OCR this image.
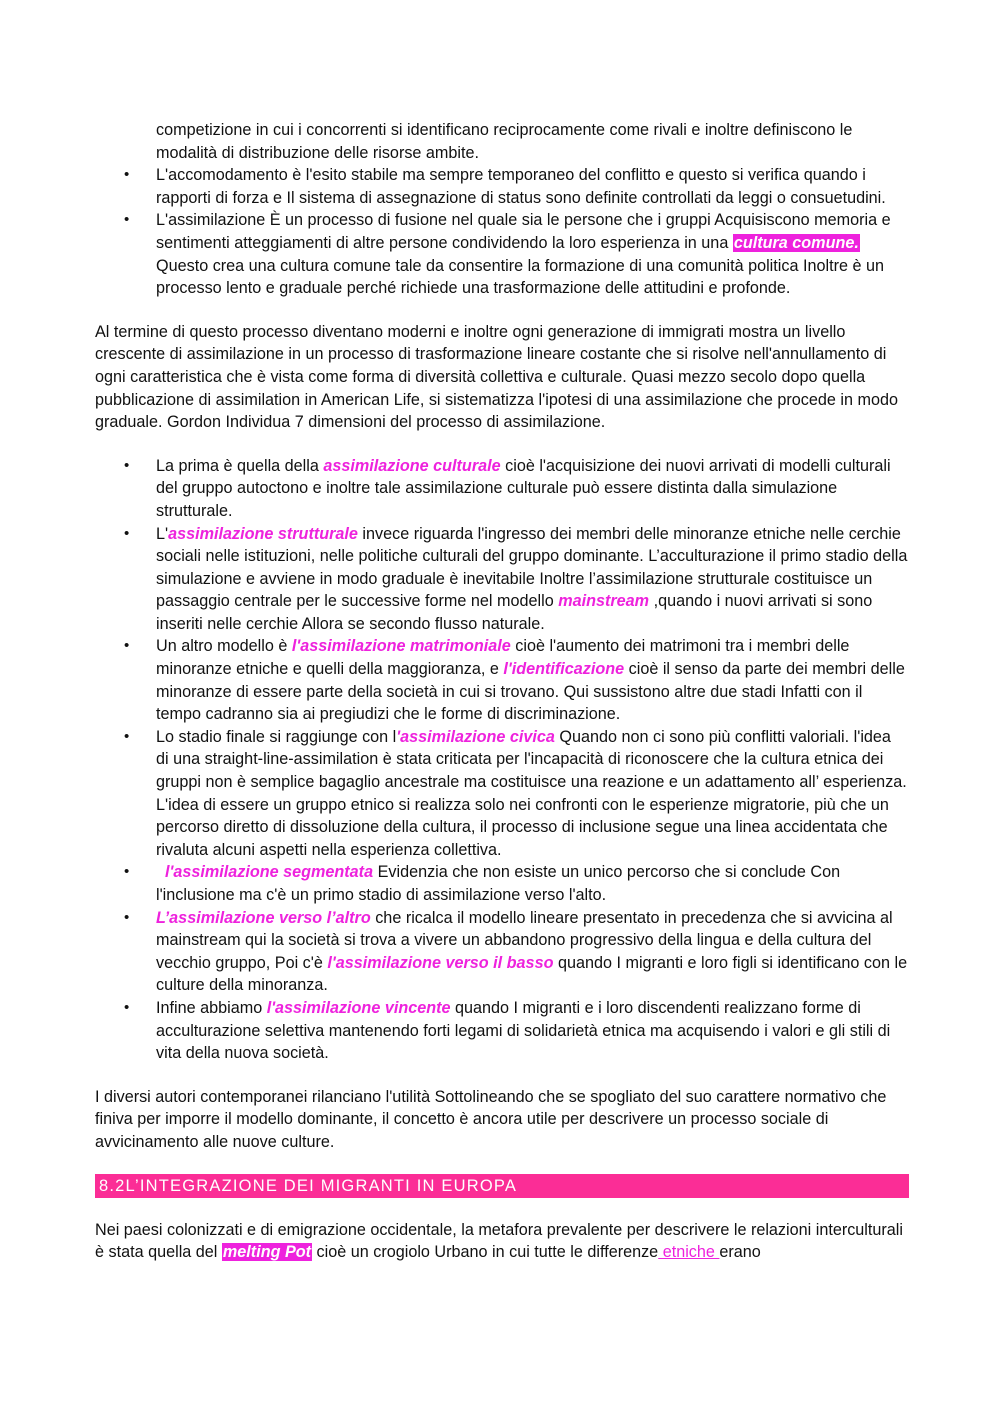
competizione in cui i concorrenti si identificano reciprocamente come rivali e inoltre definiscono le modalità di distribuzione delle risorse ambite.

• L'accomodamento è l'esito stabile ma sempre temporaneo del conflitto e questo si verifica quando i rapporti di forza e Il sistema di assegnazione di status sono definite controllati da leggi o consuetudini.
• L'assimilazione È un processo di fusione nel quale sia le persone che i gruppi Acquisiscono memoria e sentimenti atteggiamenti di altre persone condividendo la loro esperienza in una cultura comune. Questo crea una cultura comune tale da consentire la formazione di una comunità politica Inoltre è un processo lento e graduale perché richiede una trasformazione delle attitudini e profonde.

Al termine di questo processo diventano moderni e inoltre ogni generazione di immigrati mostra un livello crescente di assimilazione in un processo di trasformazione lineare costante che si risolve nell'annullamento di ogni caratteristica che è vista come forma di diversità collettiva e culturale. Quasi mezzo secolo dopo quella pubblicazione di assimilation in American Life, si sistematizza l'ipotesi di una assimilazione che procede in modo graduale. Gordon Individua 7 dimensioni del processo di assimilazione.

• La prima è quella della assimilazione culturale cioè l'acquisizione dei nuovi arrivati di modelli culturali del gruppo autoctono e inoltre tale assimilazione culturale può essere distinta dalla simulazione strutturale.
• L'assimilazione strutturale invece riguarda l'ingresso dei membri delle minoranze etniche nelle cerchie sociali nelle istituzioni, nelle politiche culturali del gruppo dominante. L’acculturazione il primo stadio della simulazione e avviene in modo graduale è inevitabile Inoltre l’assimilazione strutturale costituisce un passaggio centrale per le successive forme nel modello mainstream ,quando i nuovi arrivati si sono inseriti nelle cerchie Allora se secondo flusso naturale.
• Un altro modello è l'assimilazione matrimoniale cioè l'aumento dei matrimoni tra i membri delle minoranze etniche e quelli della maggioranza, e l'identificazione cioè il senso da parte dei membri delle minoranze di essere parte della società in cui si trovano. Qui sussistono altre due stadi Infatti con il tempo cadranno sia ai pregiudizi che le forme di discriminazione.
• Lo stadio finale si raggiunge con l'assimilazione civica Quando non ci sono più conflitti valoriali. l'idea di una straight-line-assimilation è stata criticata per l'incapacità di riconoscere che la cultura etnica dei gruppi non è semplice bagaglio ancestrale ma costituisce una reazione e un adattamento all’ esperienza. L'idea di essere un gruppo etnico si realizza solo nei confronti con le esperienze migratorie, più che un percorso diretto di dissoluzione della cultura, il processo di inclusione segue una linea accidentata che rivaluta alcuni aspetti nella esperienza collettiva.
• l'assimilazione segmentata Evidenzia che non esiste un unico percorso che si conclude Con l'inclusione ma c'è un primo stadio di assimilazione verso l'alto.
• L’assimilazione verso l’altro che ricalca il modello lineare presentato in precedenza che si avvicina al mainstream qui la società si trova a vivere un abbandono progressivo della lingua e della cultura del vecchio gruppo, Poi c'è l'assimilazione verso il basso quando I migranti e loro figli si identificano con le culture della minoranza.
• Infine abbiamo l'assimilazione vincente quando I migranti e i loro discendenti realizzano forme di acculturazione selettiva mantenendo forti legami di solidarietà etnica ma acquisendo i valori e gli stili di vita della nuova società.

I diversi autori contemporanei rilanciano l'utilità Sottolineando che se spogliato del suo carattere normativo che finiva per imporre il modello dominante, il concetto è ancora utile per descrivere un processo sociale di avvicinamento alle nuove culture.

8.2L’INTEGRAZIONE DEI MIGRANTI IN EUROPA

Nei paesi colonizzati e di emigrazione occidentale, la metafora prevalente per descrivere le relazioni interculturali è stata quella del melting Pot cioè un crogiolo Urbano in cui tutte le differenze etniche erano
